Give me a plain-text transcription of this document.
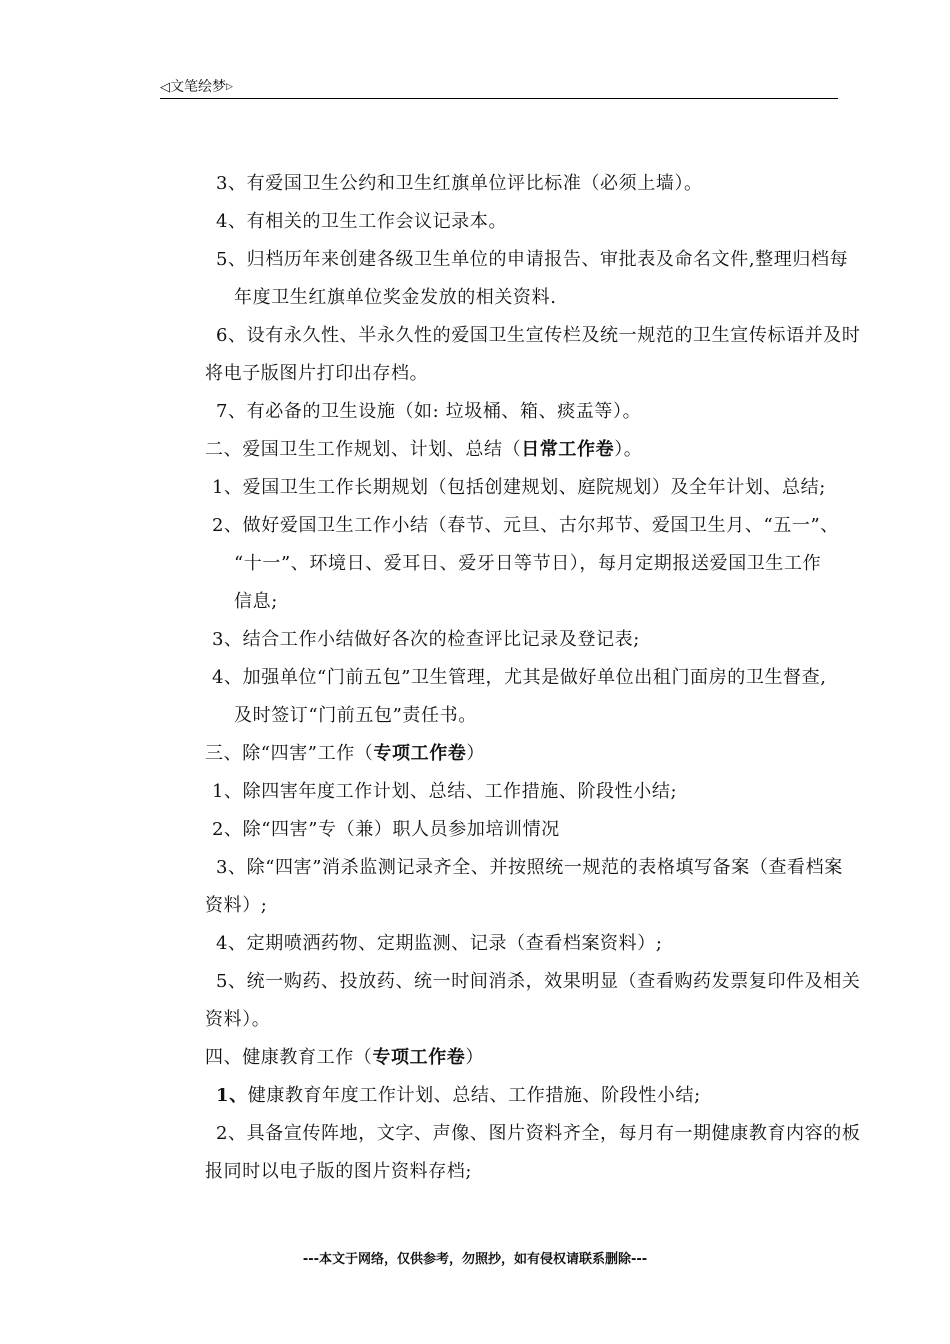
◁文笔绘梦▷
3、有爱国卫生公约和卫生红旗单位评比标准（必须上墙）。
4、有相关的卫生工作会议记录本。
5、归档历年来创建各级卫生单位的申请报告、审批表及命名文件,整理归档每
年度卫生红旗单位奖金发放的相关资料.
6、设有永久性、半永久性的爱国卫生宣传栏及统一规范的卫生宣传标语并及时
将电子版图片打印出存档。
7、有必备的卫生设施（如: 垃圾桶、箱、痰盂等）。
二、爱国卫生工作规划、计划、总结（日常工作卷）。
1、爱国卫生工作长期规划（包括创建规划、庭院规划）及全年计划、总结;
2、做好爱国卫生工作小结（春节、元旦、古尔邦节、爱国卫生月、“五一”、
“十一”、环境日、爱耳日、爱牙日等节日），每月定期报送爱国卫生工作
信息;
3、结合工作小结做好各次的检查评比记录及登记表;
4、加强单位“门前五包”卫生管理，尤其是做好单位出租门面房的卫生督查,
及时签订“门前五包”责任书。
三、除“四害”工作（专项工作卷）
1、除四害年度工作计划、总结、工作措施、阶段性小结;
2、除“四害”专（兼）职人员参加培训情况
3、除“四害”消杀监测记录齐全、并按照统一规范的表格填写备案（查看档案
资料）;
4、定期喷洒药物、定期监测、记录（查看档案资料）;
5、统一购药、投放药、统一时间消杀，效果明显（查看购药发票复印件及相关
资料）。
四、健康教育工作（专项工作卷）
1、健康教育年度工作计划、总结、工作措施、阶段性小结;
2、具备宣传阵地，文字、声像、图片资料齐全，每月有一期健康教育内容的板
报同时以电子版的图片资料存档;
---本文于网络，仅供参考，勿照抄，如有侵权请联系删除---
